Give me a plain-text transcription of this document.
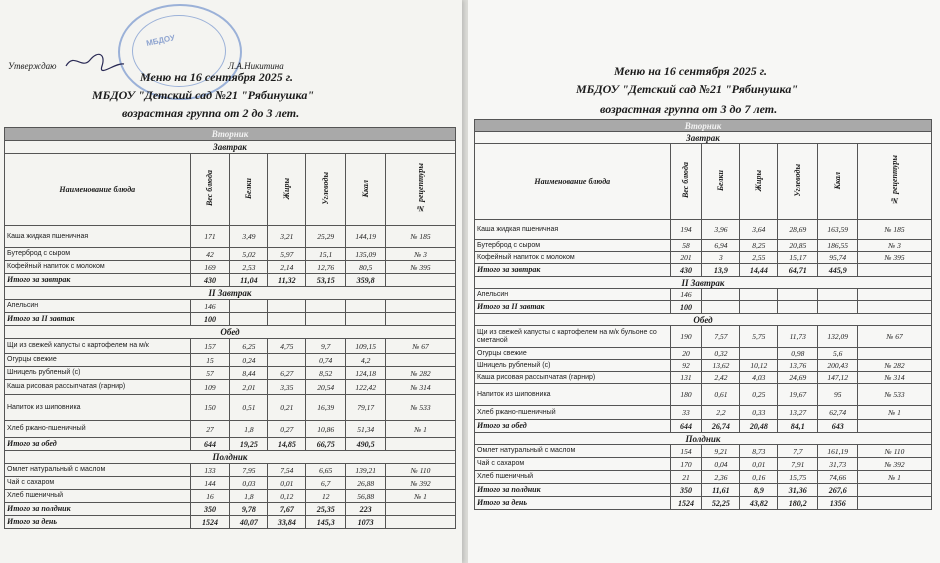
МБДОУ
Утверждаю	Л.А.Никитина
Меню на 16 сентября 2025 г.
МБДОУ "Детский сад №21 "Рябинушка"
возрастная группа от 2 до 3 лет.
Вторник						
Завтрак						
Наименование блюда	Вес блюда	Белки	Жиры	Углеводы	Ккал	№ рецептуры
Каша жидкая пшеничная	171	3,49	3,21	25,29	144,19	№ 185
Бутерброд с сыром	42	5,02	5,97	15,1	135,09	№ 3
Кофейный напиток с молоком	169	2,53	2,14	12,76	80,5	№ 395
Итого за завтрак	430	11,04	11,32	53,15	359,8	
II Завтрак						
Апельсин	146					
Итого за II завтак	100					
Обед						
Щи из свежей капусты с картофелем на м/к	157	6,25	4,75	9,7	109,15	№ 67
Огурцы свежие	15	0,24		0,74	4,2	
Шницель рубленый (с)	57	8,44	6,27	8,52	124,18	№ 282
Каша рисовая рассыпчатая (гарнир)	109	2,01	3,35	20,54	122,42	№ 314
Напиток из шиповника	150	0,51	0,21	16,39	79,17	№ 533
Хлеб ржано-пшеничный	27	1,8	0,27	10,86	51,34	№ 1
Итого за обед	644	19,25	14,85	66,75	490,5	
Полдник						
Омлет натуральный с маслом	133	7,95	7,54	6,65	139,21	№ 110
Чай с сахаром	144	0,03	0,01	6,7	26,88	№ 392
Хлеб пшеничный	16	1,8	0,12	12	56,88	№ 1
Итого за полдник	350	9,78	7,67	25,35	223	
Итого за день	1524	40,07	33,84	145,3	1073	
Меню на 16 сентября 2025 г.
МБДОУ "Детский сад №21 "Рябинушка"
возрастная группа от 3 до 7 лет.
Вторник						
Завтрак						
Наименование блюда	Вес блюда	Белки	Жиры	Углеводы	Ккал	№ рецептуры
Каша жидкая пшеничная	194	3,96	3,64	28,69	163,59	№ 185
Бутерброд с сыром	58	6,94	8,25	20,85	186,55	№ 3
Кофейный напиток с молоком	201	3	2,55	15,17	95,74	№ 395
Итого за завтрак	430	13,9	14,44	64,71	445,9	
II Завтрак						
Апельсин	146					
Итого за II завтак	100					
Обед						
Щи из свежей капусты с картофелем на м/к бульоне со сметаной	190	7,57	5,75	11,73	132,09	№ 67
Огурцы свежие	20	0,32		0,98	5,6	
Шницель рубленый (с)	92	13,62	10,12	13,76	200,43	№ 282
Каша рисовая рассыпчатая (гарнир)	131	2,42	4,03	24,69	147,12	№ 314
Напиток из шиповника	180	0,61	0,25	19,67	95	№ 533
Хлеб ржано-пшеничный	33	2,2	0,33	13,27	62,74	№ 1
Итого за обед	644	26,74	20,48	84,1	643	
Полдник						
Омлет натуральный с маслом	154	9,21	8,73	7,7	161,19	№ 110
Чай с сахаром	170	0,04	0,01	7,91	31,73	№ 392
Хлеб пшеничный	21	2,36	0,16	15,75	74,66	№ 1
Итого за полдник	350	11,61	8,9	31,36	267,6	
Итого за день	1524	52,25	43,82	180,2	1356	
